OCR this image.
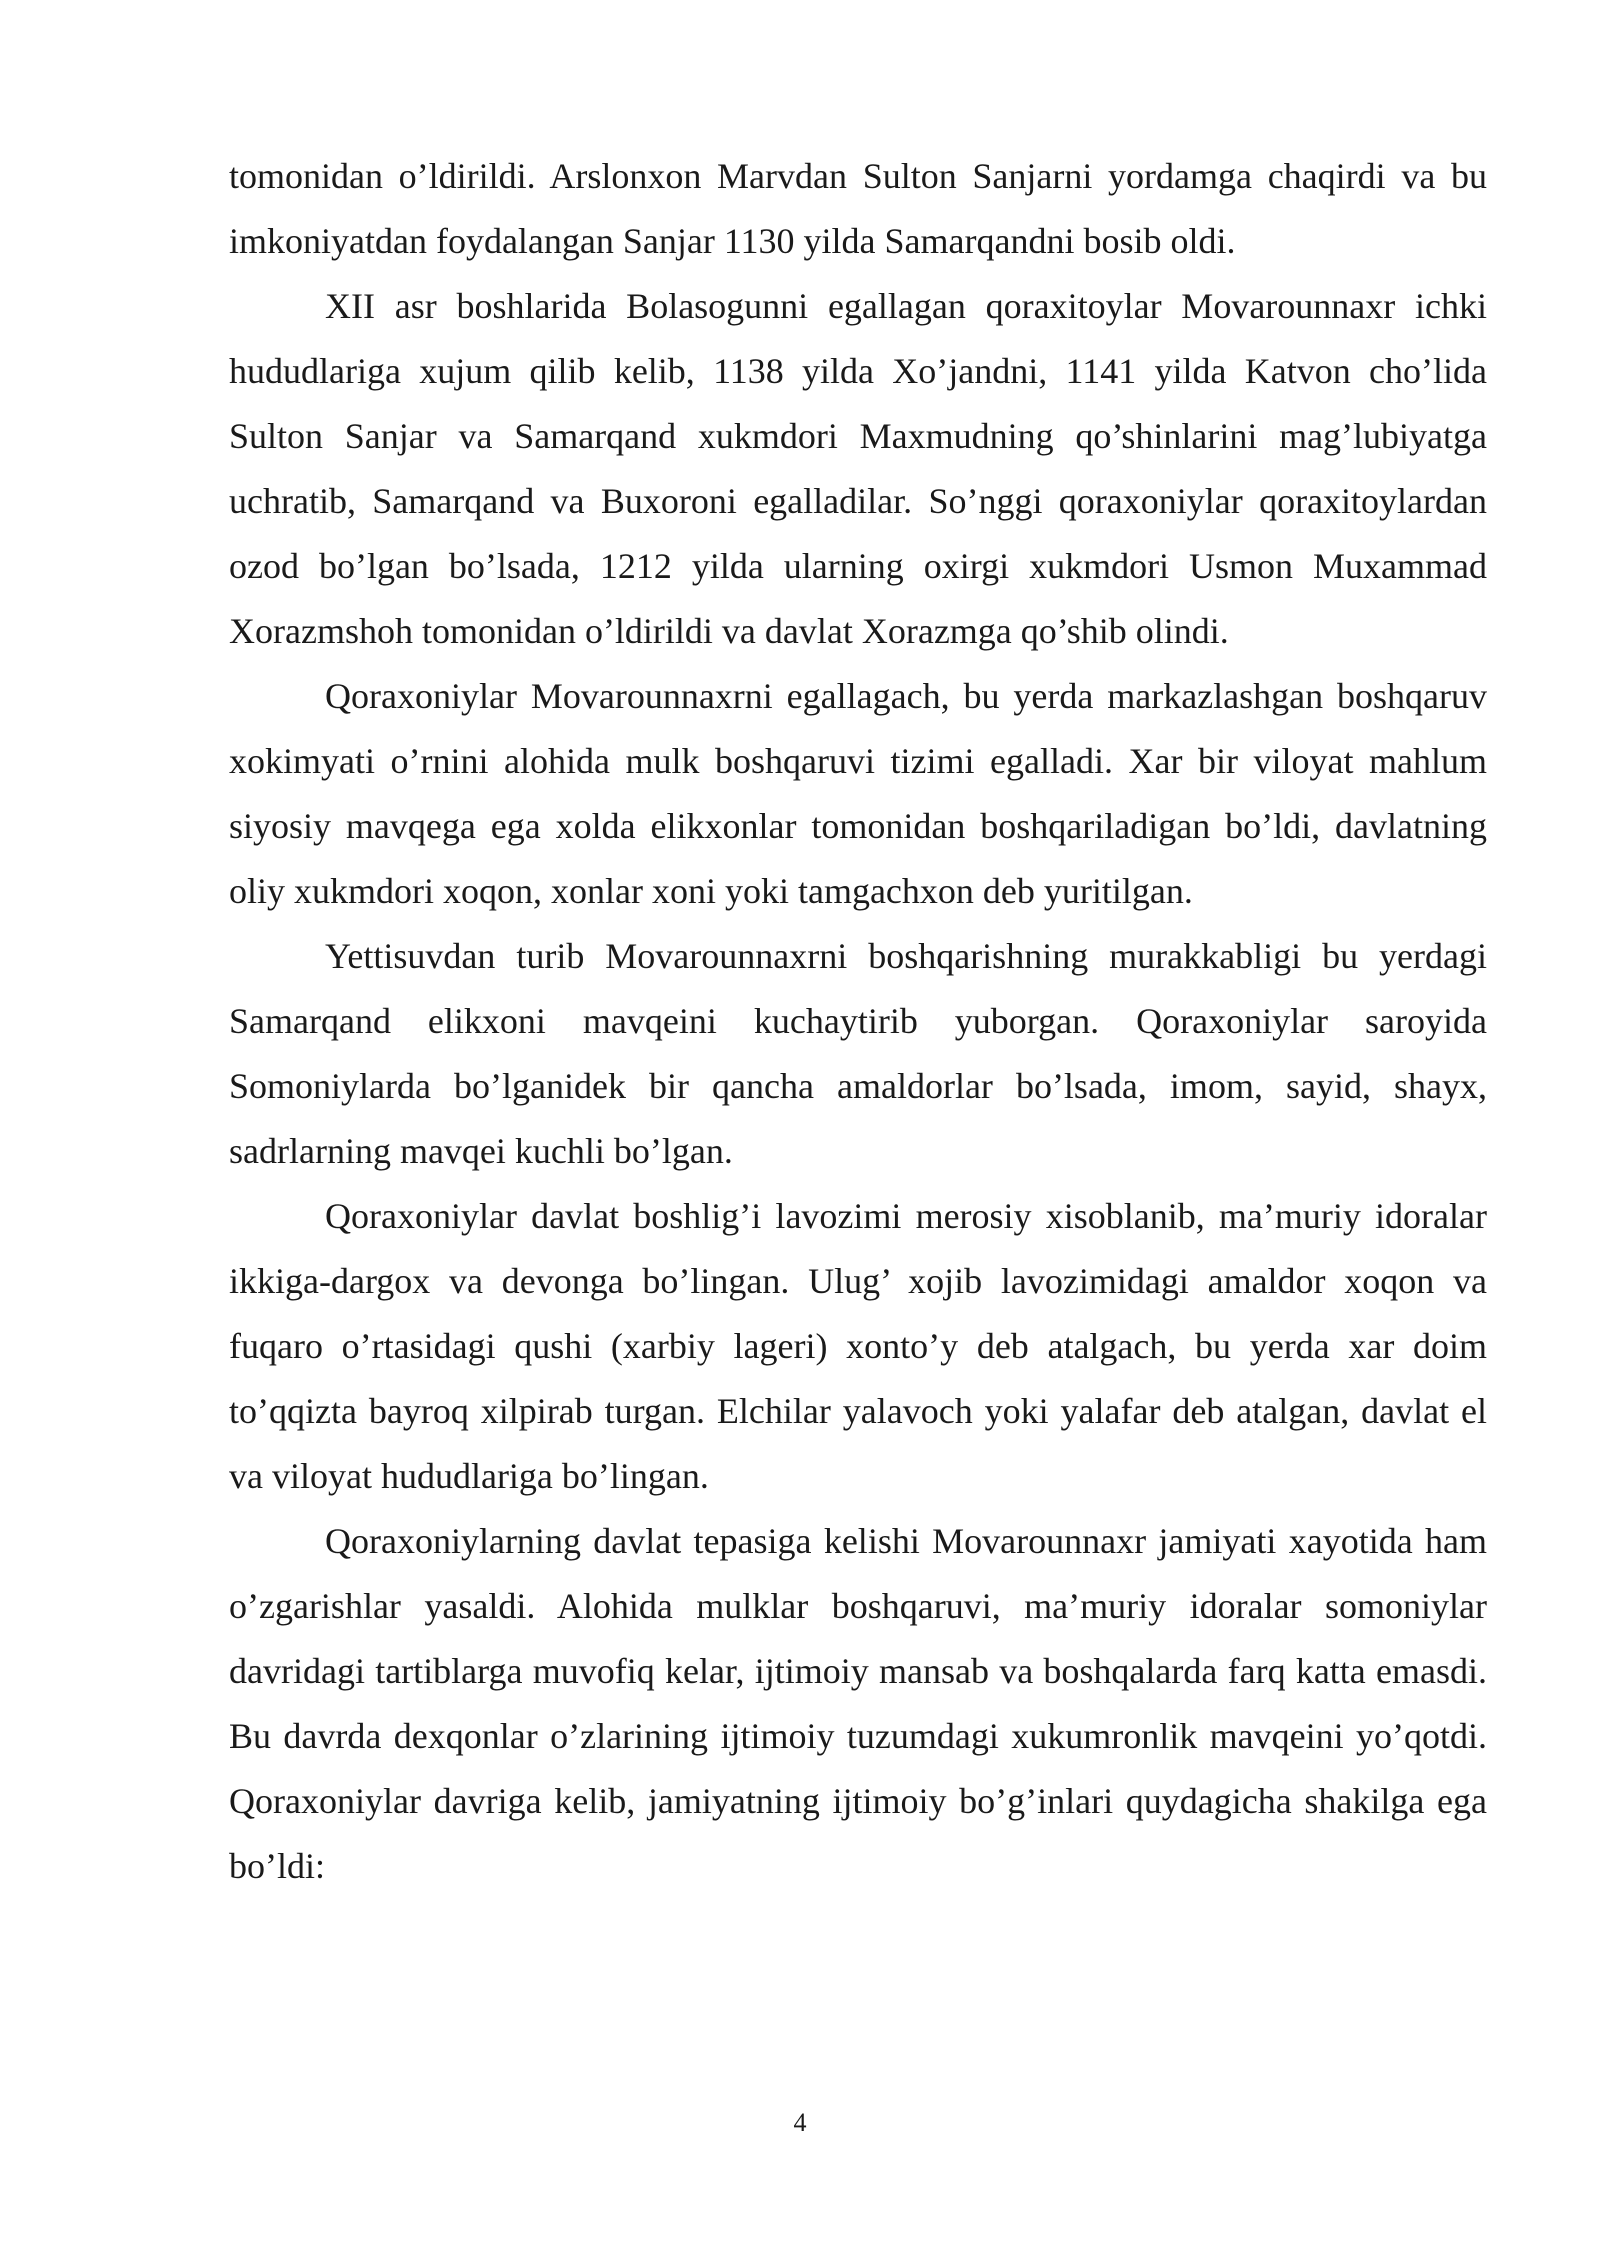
tomonidan o’ldirildi. Arslonxon Marvdan Sulton Sanjarni yordamga chaqirdi va bu imkoniyatdan foydalangan Sanjar 1130 yilda Samarqandni bosib oldi.

XII asr boshlarida Bolasogunni egallagan qoraxitoylar Movarounnaxr ichki hududlariga xujum qilib kelib, 1138 yilda Xo’jandni, 1141 yilda Katvon cho’lida Sulton Sanjar va Samarqand xukmdori Maxmudning qo’shinlarini mag’lubiyatga uchratib, Samarqand va Buxoroni egalladilar. So’nggi qoraxoniylar qoraxitoylardan ozod bo’lgan bo’lsada, 1212 yilda ularning oxirgi xukmdori Usmon Muxammad Xorazmshoh tomonidan o’ldirildi va davlat Xorazmga qo’shib olindi.

Qoraxoniylar Movarounnaxrni egallagach, bu yerda markazlashgan boshqaruv xokimyati o’rnini alohida mulk boshqaruvi tizimi egalladi. Xar bir viloyat mahlum siyosiy mavqega ega xolda elikxonlar tomonidan boshqariladigan bo’ldi, davlatning oliy xukmdori xoqon, xonlar xoni yoki tamgachxon deb yuritilgan.

Yettisuvdan turib Movarounnaxrni boshqarishning murakkabligi bu yerdagi Samarqand elikxoni mavqeini kuchaytirib yuborgan. Qoraxoniylar saroyida Somoniylarda bo’lganidek bir qancha amaldorlar bo’lsada, imom, sayid, shayx, sadrlarning mavqei kuchli bo’lgan.

Qoraxoniylar davlat boshlig’i lavozimi merosiy xisoblanib, ma’muriy idoralar ikkiga-dargox va devonga bo’lingan. Ulug’ xojib lavozimidagi amaldor xoqon va fuqaro o’rtasidagi qushi (xarbiy lageri) xonto’y deb atalgach, bu yerda xar doim to’qqizta bayroq xilpirab turgan. Elchilar yalavoch yoki yalafar deb atalgan, davlat el va viloyat hududlariga bo’lingan.

Qoraxoniylarning davlat tepasiga kelishi Movarounnaxr jamiyati xayotida ham o’zgarishlar yasaldi. Alohida mulklar boshqaruvi, ma’muriy idoralar somoniylar davridagi tartiblarga muvofiq kelar, ijtimoiy mansab va boshqalarda farq katta emasdi. Bu davrda dexqonlar o’zlarining ijtimoiy tuzumdagi xukumronlik mavqeini yo’qotdi. Qoraxoniylar davriga kelib, jamiyatning ijtimoiy bo’g’inlari quydagicha shakilga ega bo’ldi:

4
